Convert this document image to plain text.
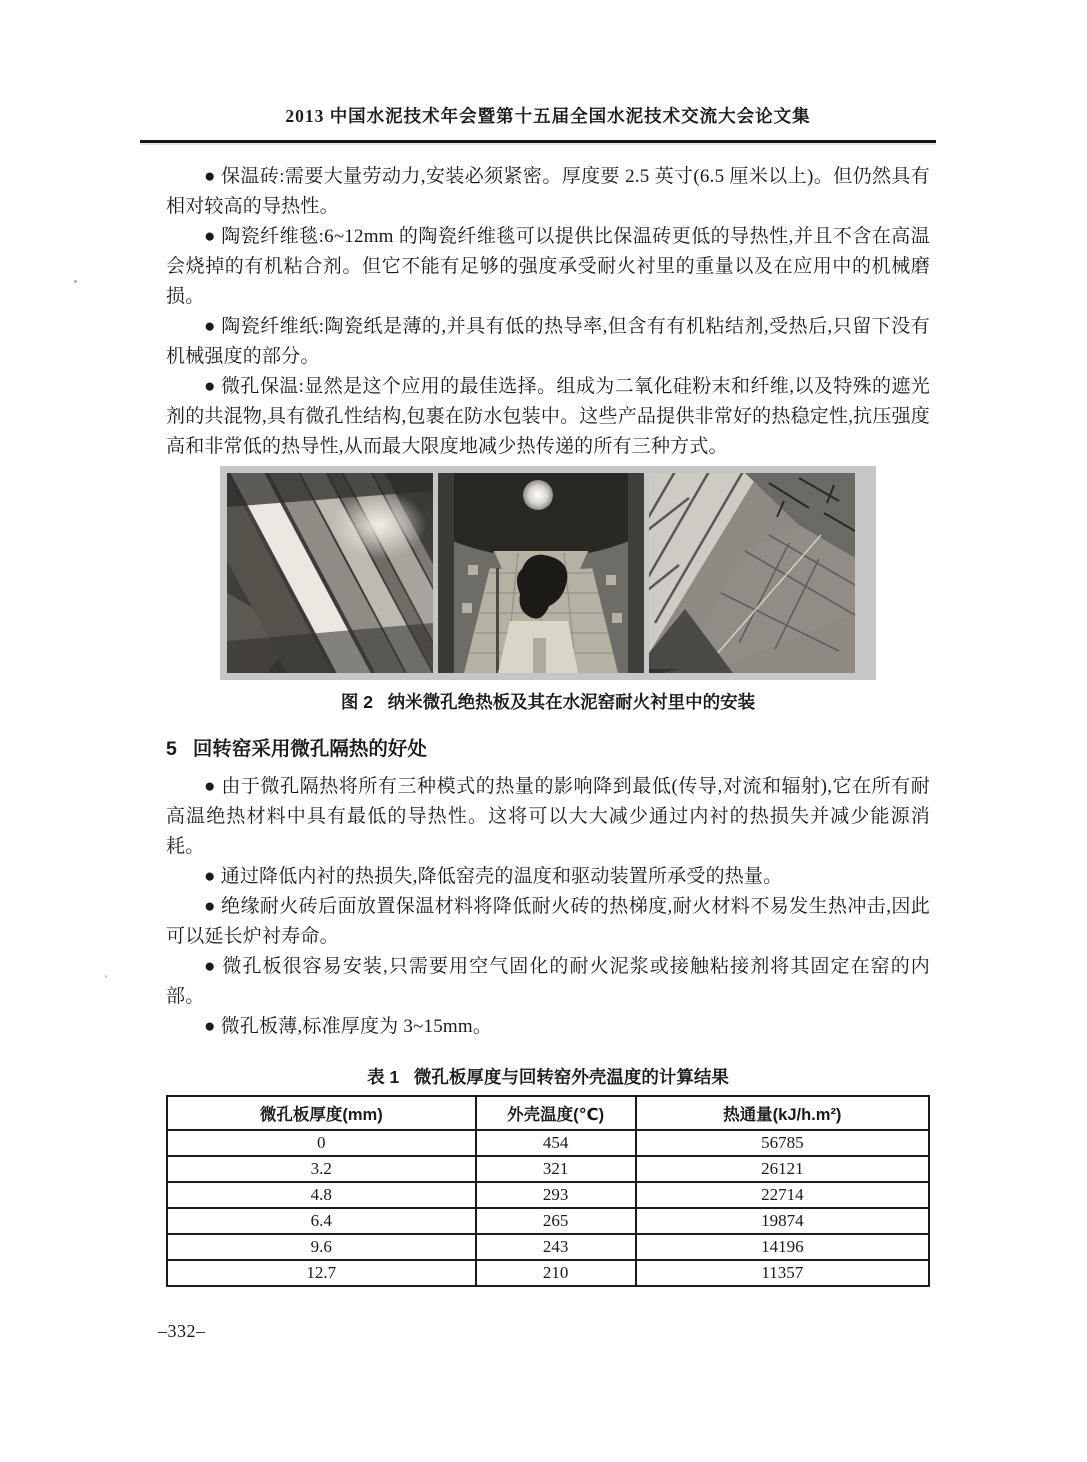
2013 中国水泥技术年会暨第十五届全国水泥技术交流大会论文集

● 保温砖:需要大量劳动力,安装必须紧密。厚度要 2.5 英寸(6.5 厘米以上)。但仍然具有相对较高的导热性。

● 陶瓷纤维毯:6~12mm 的陶瓷纤维毯可以提供比保温砖更低的导热性,并且不含在高温会烧掉的有机粘合剂。但它不能有足够的强度承受耐火衬里的重量以及在应用中的机械磨损。

● 陶瓷纤维纸:陶瓷纸是薄的,并具有低的热导率,但含有有机粘结剂,受热后,只留下没有机械强度的部分。

● 微孔保温:显然是这个应用的最佳选择。组成为二氧化硅粉末和纤维,以及特殊的遮光剂的共混物,具有微孔性结构,包裹在防水包装中。这些产品提供非常好的热稳定性,抗压强度高和非常低的热导性,从而最大限度地减少热传递的所有三种方式。

图 2   纳米微孔绝热板及其在水泥窑耐火衬里中的安装
5 回转窑采用微孔隔热的好处

● 由于微孔隔热将所有三种模式的热量的影响降到最低(传导,对流和辐射),它在所有耐高温绝热材料中具有最低的导热性。这将可以大大减少通过内衬的热损失并减少能源消耗。

● 通过降低内衬的热损失,降低窑壳的温度和驱动装置所承受的热量。

● 绝缘耐火砖后面放置保温材料将降低耐火砖的热梯度,耐火材料不易发生热冲击,因此可以延长炉衬寿命。

● 微孔板很容易安装,只需要用空气固化的耐火泥浆或接触粘接剂将其固定在窑的内部。

● 微孔板薄,标准厚度为 3~15mm。

表 1   微孔板厚度与回转窑外壳温度的计算结果
微孔板厚度(mm)	外壳温度(℃)	热通量(kJ/h.m²)
0	454	56785
3.2	321	26121
4.8	293	22714
6.4	265	19874
9.6	243	14196
12.7	210	11357
–332–
